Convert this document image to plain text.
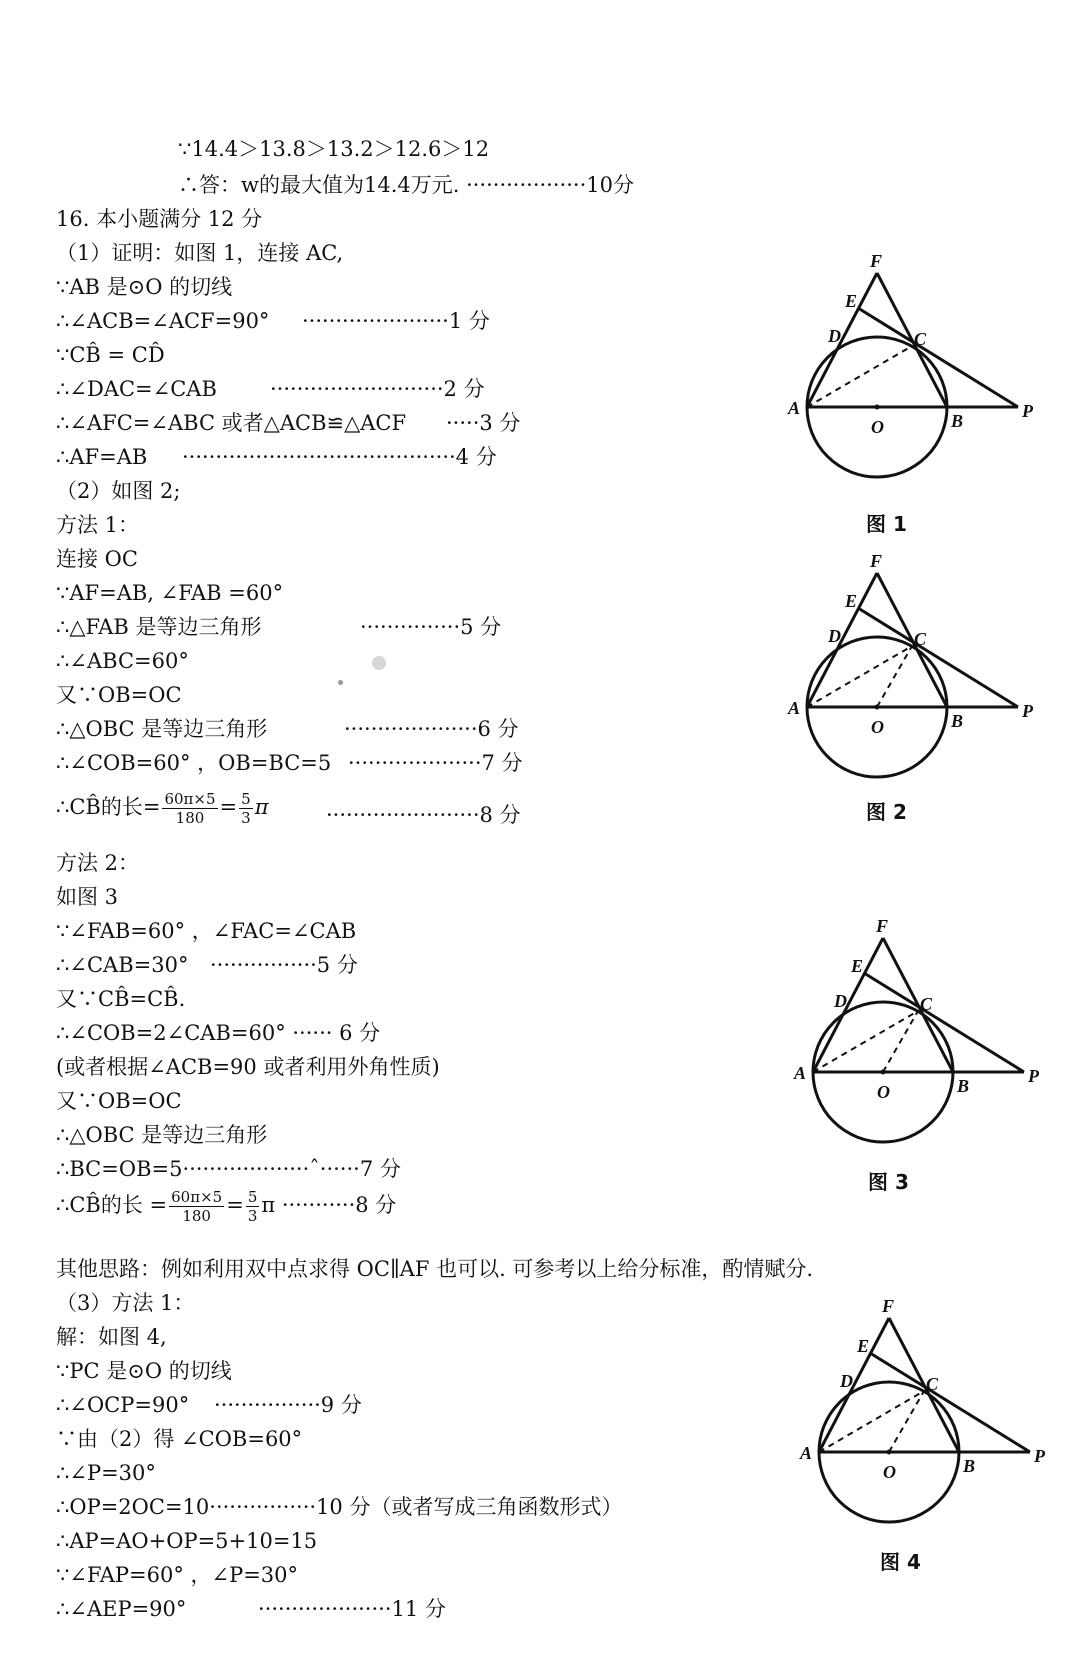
∵14.4＞13.8＞13.2＞12.6＞12
∴答：w的最大值为14.4万元. ··················10分
16. 本小题满分 12 分
（1）证明：如图 1，连接 AC,
∵AB 是⊙O 的切线
∴∠ACB=∠ACF=90° ······················1 分
∵CB̂ = CD̂
∴∠DAC=∠CAB	··························2 分
∴∠AFC=∠ABC 或者△ACB≌△ACF ·····3 分
∴AF=AB ·········································4 分
（2）如图 2;
方法 1：
连接 OC
∵AF=AB, ∠FAB =60°
∴△FAB 是等边三角形	···············5 分
∴∠ABC=60°
又∵OB=OC
∴△OBC 是等边三角形	····················6 分
∴∠COB=60° ，OB=BC=5 ····················7 分
∴CB̂的长= $\frac{60\pi\times 5}{180} = \frac{5}{3}$ π	·······················8 分
方法 2：
如图 3
∵∠FAB=60° ，∠FAC=∠CAB
∴∠CAB=30° ················5 分
又∵CB̂=CB̂.
∴∠COB=2∠CAB=60° ······ 6 分
(或者根据∠ACB=90 或者利用外角性质)
又∵OB=OC
∴△OBC 是等边三角形
∴BC=OB=5···················ˆ······7 分
∴CB̂的长 = $\frac{60\pi\times 5}{180} = \frac{5}{3}$ π ···········8 分
其他思路：例如利用双中点求得 OC∥AF 也可以. 可参考以上给分标准，酌情赋分.
（3）方法 1：
解：如图 4,
∵PC 是⊙O 的切线
∴∠OCP=90° ················9 分
∵由（2）得 ∠COB=60°
∴∠P=30°
∴OP=2OC=10················10 分（或者写成三角函数形式）
∴AP=AO+OP=5+10=15
∵∠FAP=60° ，∠P=30°
∴∠AEP=90°	····················11 分
F
E
D	C
A
O	B	P
图 1
F
E
D	C
A
O	B	P
图 2
F
E
D	C
A
O	B	P
图 3
F
E
D	C
A
O	B	P
图 4
